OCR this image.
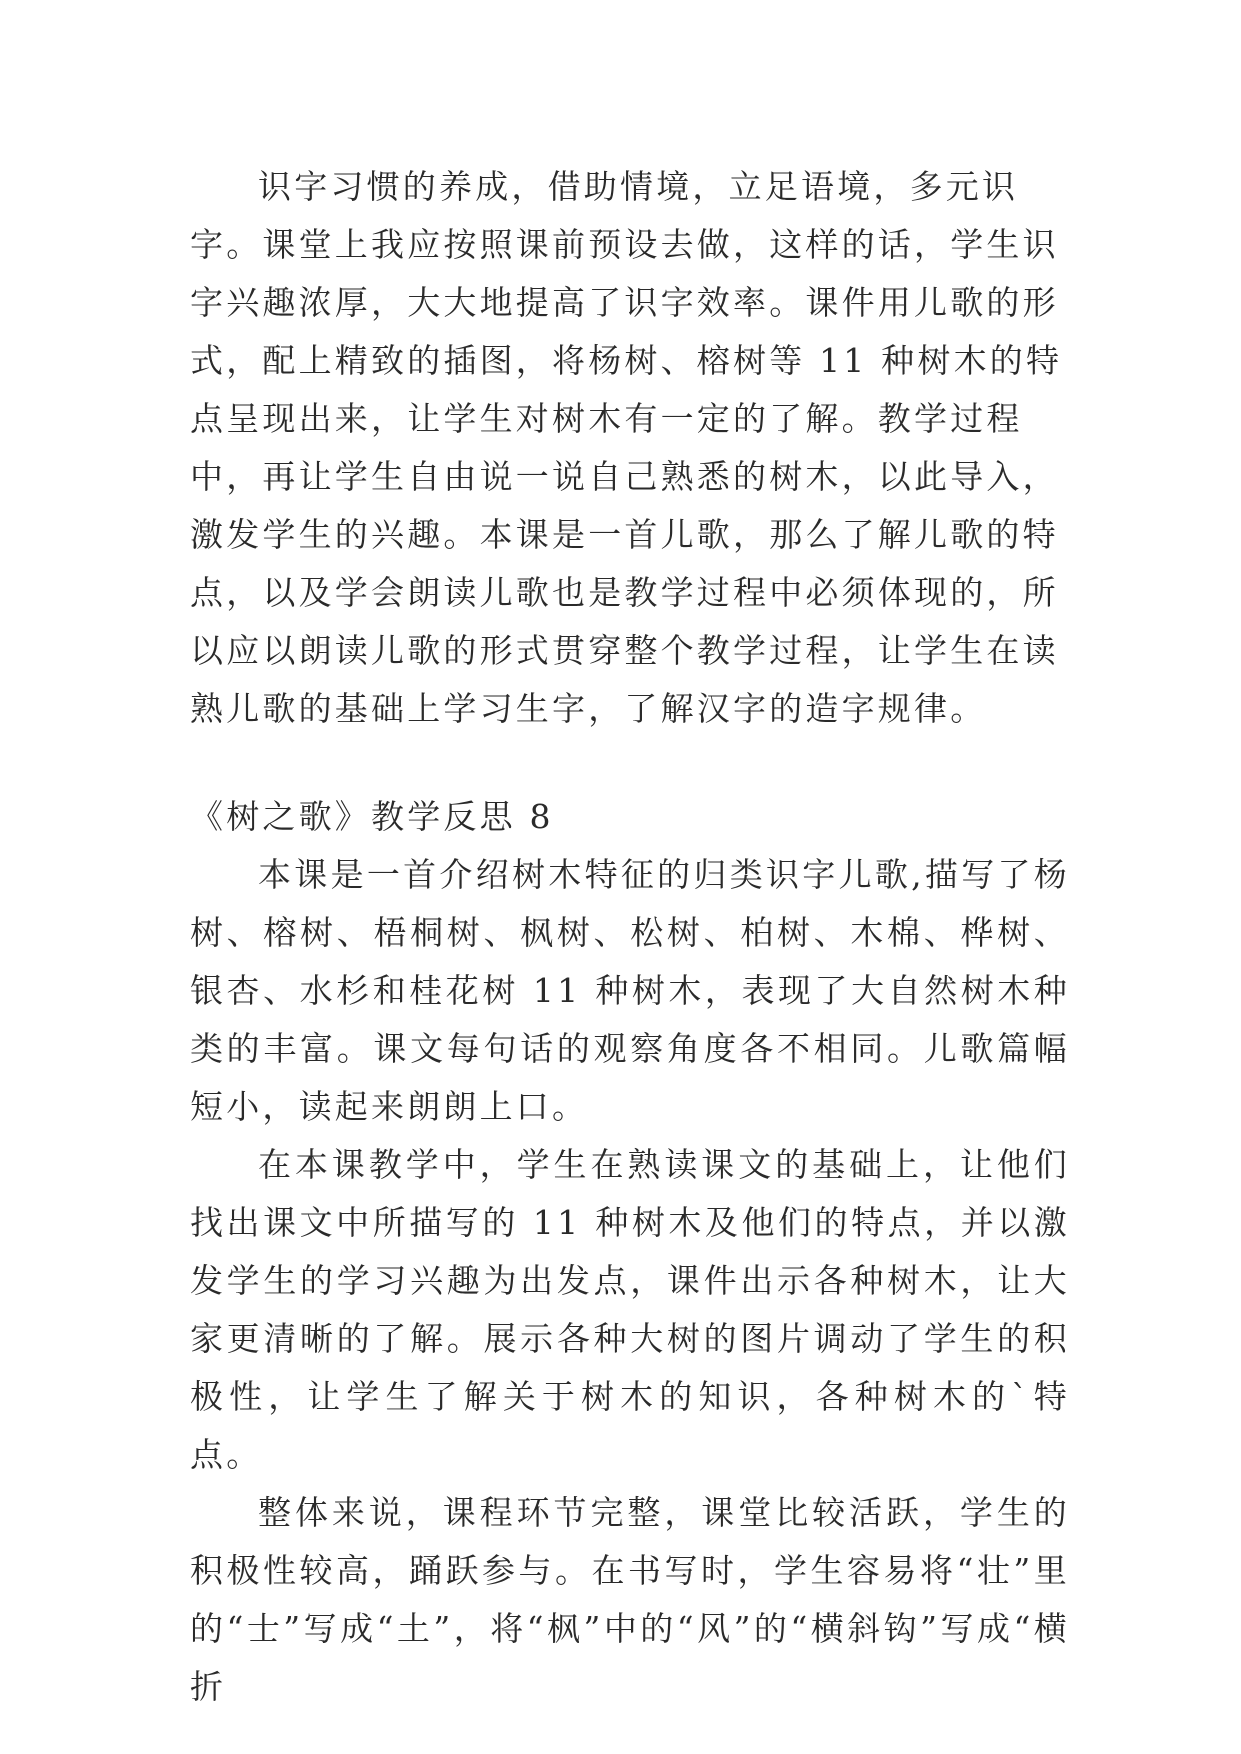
识字习惯的养成，借助情境，立足语境，多元识字。课堂上我应按照课前预设去做，这样的话，学生识字兴趣浓厚，大大地提高了识字效率。课件用儿歌的形式，配上精致的插图，将杨树、榕树等 11 种树木的特点呈现出来，让学生对树木有一定的了解。教学过程中，再让学生自由说一说自己熟悉的树木，以此导入，激发学生的兴趣。本课是一首儿歌，那么了解儿歌的特点，以及学会朗读儿歌也是教学过程中必须体现的，所以应以朗读儿歌的形式贯穿整个教学过程，让学生在读熟儿歌的基础上学习生字，了解汉字的造字规律。

《树之歌》教学反思 8

本课是一首介绍树木特征的归类识字儿歌,描写了杨树、榕树、梧桐树、枫树、松树、柏树、木棉、桦树、银杏、水杉和桂花树 11 种树木，表现了大自然树木种类的丰富。课文每句话的观察角度各不相同。儿歌篇幅短小，读起来朗朗上口。

在本课教学中，学生在熟读课文的基础上，让他们找出课文中所描写的 11 种树木及他们的特点，并以激发学生的学习兴趣为出发点，课件出示各种树木，让大家更清晰的了解。展示各种大树的图片调动了学生的积极性，让学生了解关于树木的知识，各种树木的`特点。

整体来说，课程环节完整，课堂比较活跃，学生的积极性较高，踊跃参与。在书写时，学生容易将“壮”里的“士”写成“土”，将“枫”中的“风”的“横斜钩”写成“横折
